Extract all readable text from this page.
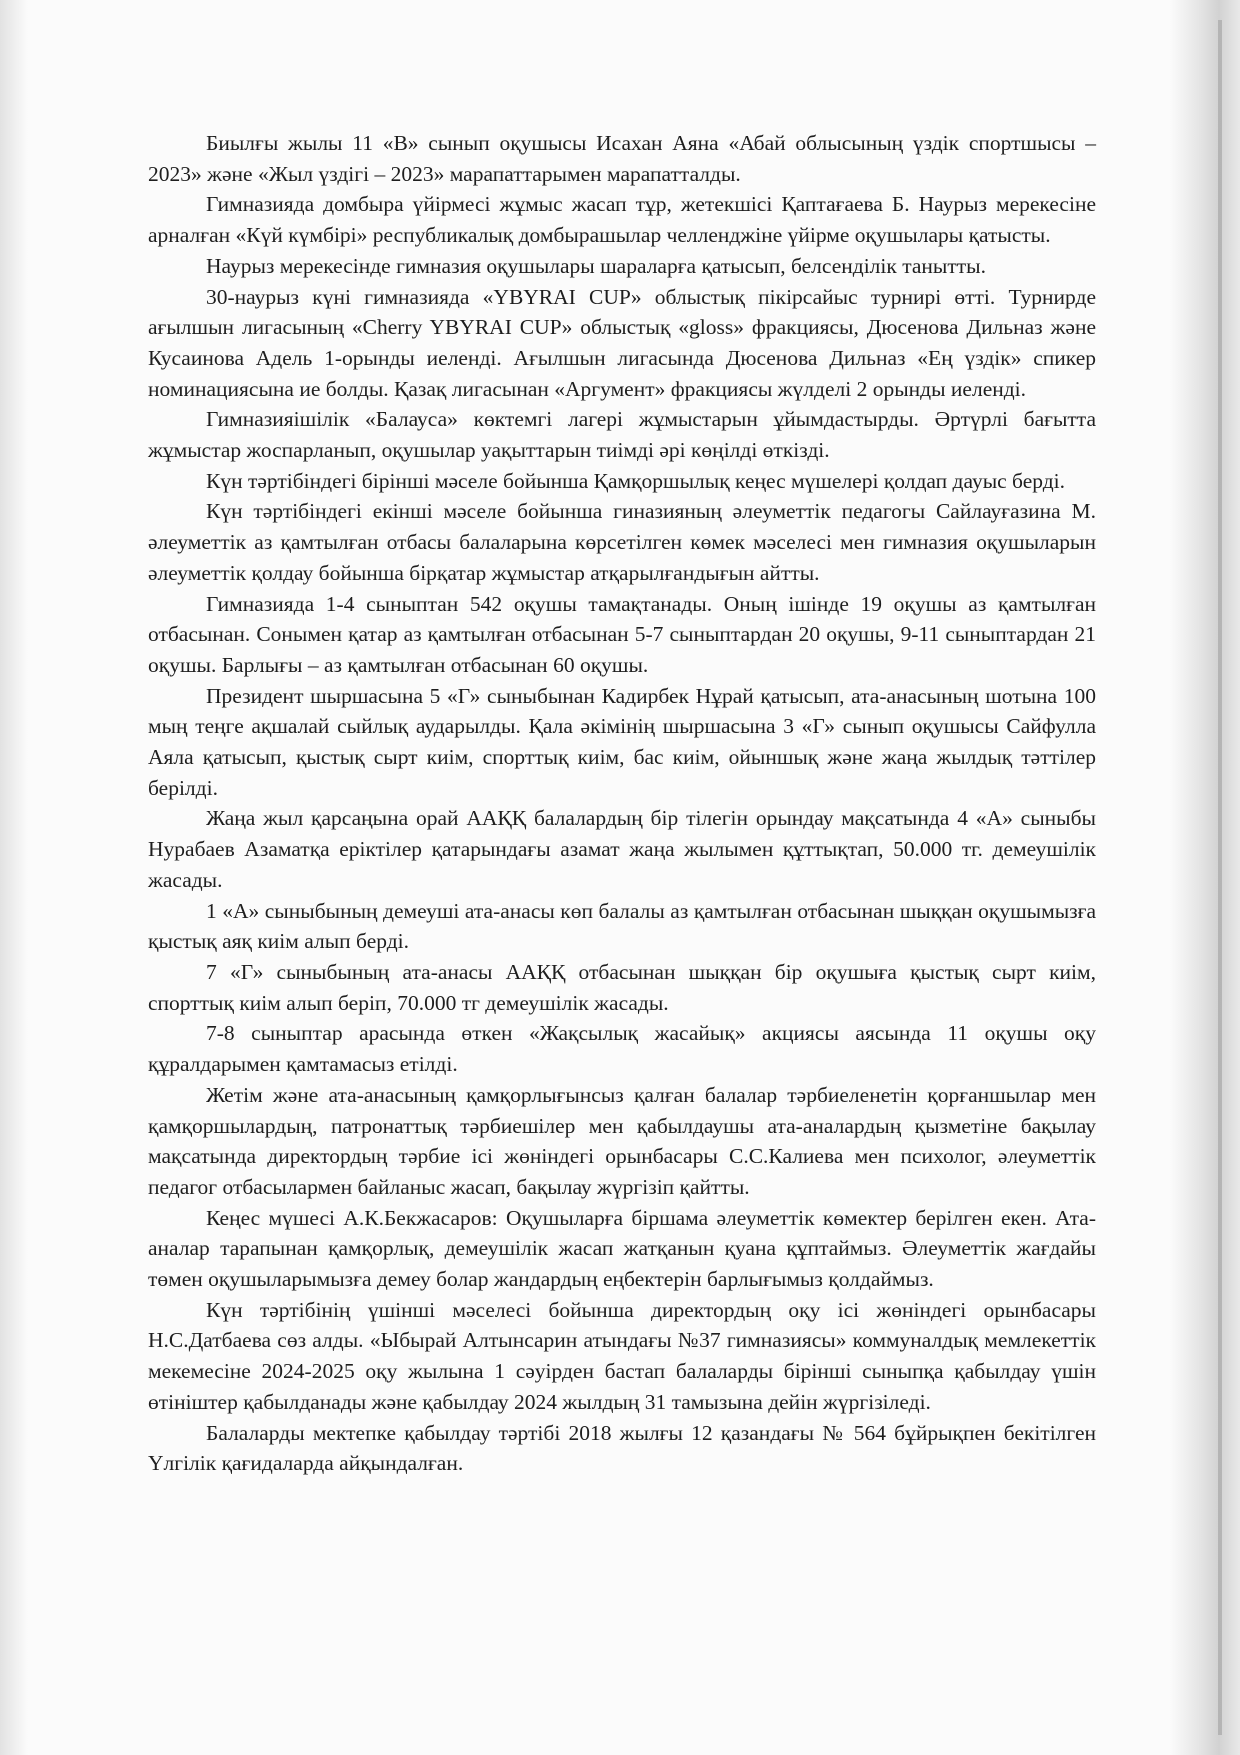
Биылғы жылы 11 «В» сынып оқушысы Исахан Аяна «Абай облысының үздік спортшысы – 2023» және «Жыл үздігі – 2023» марапаттарымен марапатталды.

Гимназияда домбыра үйірмесі жұмыс жасап тұр, жетекшісі Қаптағаева Б. Наурыз мерекесіне арналған «Күй күмбірі» республикалық домбырашылар челленджіне үйірме оқушылары қатысты.

Наурыз мерекесінде гимназия оқушылары шараларға қатысып, белсенділік танытты.

30-наурыз күні гимназияда «YBYRAI CUP» облыстық пікірсайыс турнирі өтті. Турнирде ағылшын лигасының «Cherry YBYRAI CUP» облыстық «gloss» фракциясы, Дюсенова Дильназ және Кусаинова Адель 1-орынды иеленді. Ағылшын лигасында Дюсенова Дильназ «Ең үздік» спикер номинациясына ие болды. Қазақ лигасынан «Аргумент» фракциясы жүлделі 2 орынды иеленді.

Гимназияішілік «Балауса» көктемгі лагері жұмыстарын ұйымдастырды. Әртүрлі бағытта жұмыстар жоспарланып, оқушылар уақыттарын тиімді әрі көңілді өткізді.

Күн тәртібіндегі бірінші мәселе бойынша Қамқоршылық кеңес мүшелері қолдап дауыс берді.

Күн тәртібіндегі екінші мәселе бойынша гиназияның әлеуметтік педагогы Сайлауғазина М. әлеуметтік аз қамтылған отбасы балаларына көрсетілген көмек мәселесі мен гимназия оқушыларын әлеуметтік қолдау бойынша бірқатар жұмыстар атқарылғандығын айтты.

Гимназияда 1-4 сыныптан 542 оқушы тамақтанады. Оның ішінде 19 оқушы аз қамтылған отбасынан. Сонымен қатар аз қамтылған отбасынан 5-7 сыныптардан 20 оқушы, 9-11 сыныптардан 21 оқушы. Барлығы – аз қамтылған отбасынан 60 оқушы.

Президент шыршасына 5 «Г» сыныбынан Кадирбек Нұрай қатысып, ата-анасының шотына 100 мың теңге ақшалай сыйлық аударылды. Қала әкімінің шыршасына 3 «Г» сынып оқушысы Сайфулла Аяла қатысып, қыстық сырт киім, спорттық киім, бас киім, ойыншық және жаңа жылдық тәттілер берілді.

Жаңа жыл қарсаңына орай ААҚҚ балалардың бір тілегін орындау мақсатында 4 «А» сыныбы Нурабаев Азаматқа еріктілер қатарындағы азамат жаңа жылымен құттықтап, 50.000 тг. демеушілік жасады.

1 «А» сыныбының демеуші ата-анасы көп балалы аз қамтылған отбасынан шыққан оқушымызға қыстық аяқ киім алып берді.

7 «Г» сыныбының ата-анасы ААҚҚ отбасынан шыққан бір оқушыға қыстық сырт киім, спорттық киім алып беріп, 70.000 тг демеушілік жасады.

7-8 сыныптар арасында өткен «Жақсылық жасайық» акциясы аясында 11 оқушы оқу құралдарымен қамтамасыз етілді.

Жетім және ата-анасының қамқорлығынсыз қалған балалар тәрбиеленетін қорғаншылар мен қамқоршылардың, патронаттық тәрбиешілер мен қабылдаушы ата-аналардың қызметіне бақылау мақсатында директордың тәрбие ісі жөніндегі орынбасары С.С.Калиева мен психолог, әлеуметтік педагог отбасылармен байланыс жасап, бақылау жүргізіп қайтты.

Кеңес мүшесі А.К.Бекжасаров: Оқушыларға біршама әлеуметтік көмектер берілген екен. Ата-аналар тарапынан қамқорлық, демеушілік жасап жатқанын қуана құптаймыз. Әлеуметтік жағдайы төмен оқушыларымызға демеу болар жандардың еңбектерін барлығымыз қолдаймыз.

Күн тәртібінің үшінші мәселесі бойынша директордың оқу ісі жөніндегі орынбасары Н.С.Датбаева сөз алды. «Ыбырай Алтынсарин атындағы №37 гимназиясы» коммуналдық мемлекеттік мекемесіне 2024-2025 оқу жылына 1 сәуірден бастап балаларды бірінші сыныпқа қабылдау үшін өтініштер қабылданады және қабылдау 2024 жылдың 31 тамызына дейін жүргізіледі.

Балаларды мектепке қабылдау тәртібі 2018 жылғы 12 қазандағы № 564 бұйрықпен бекітілген Үлгілік қағидаларда айқындалған.
